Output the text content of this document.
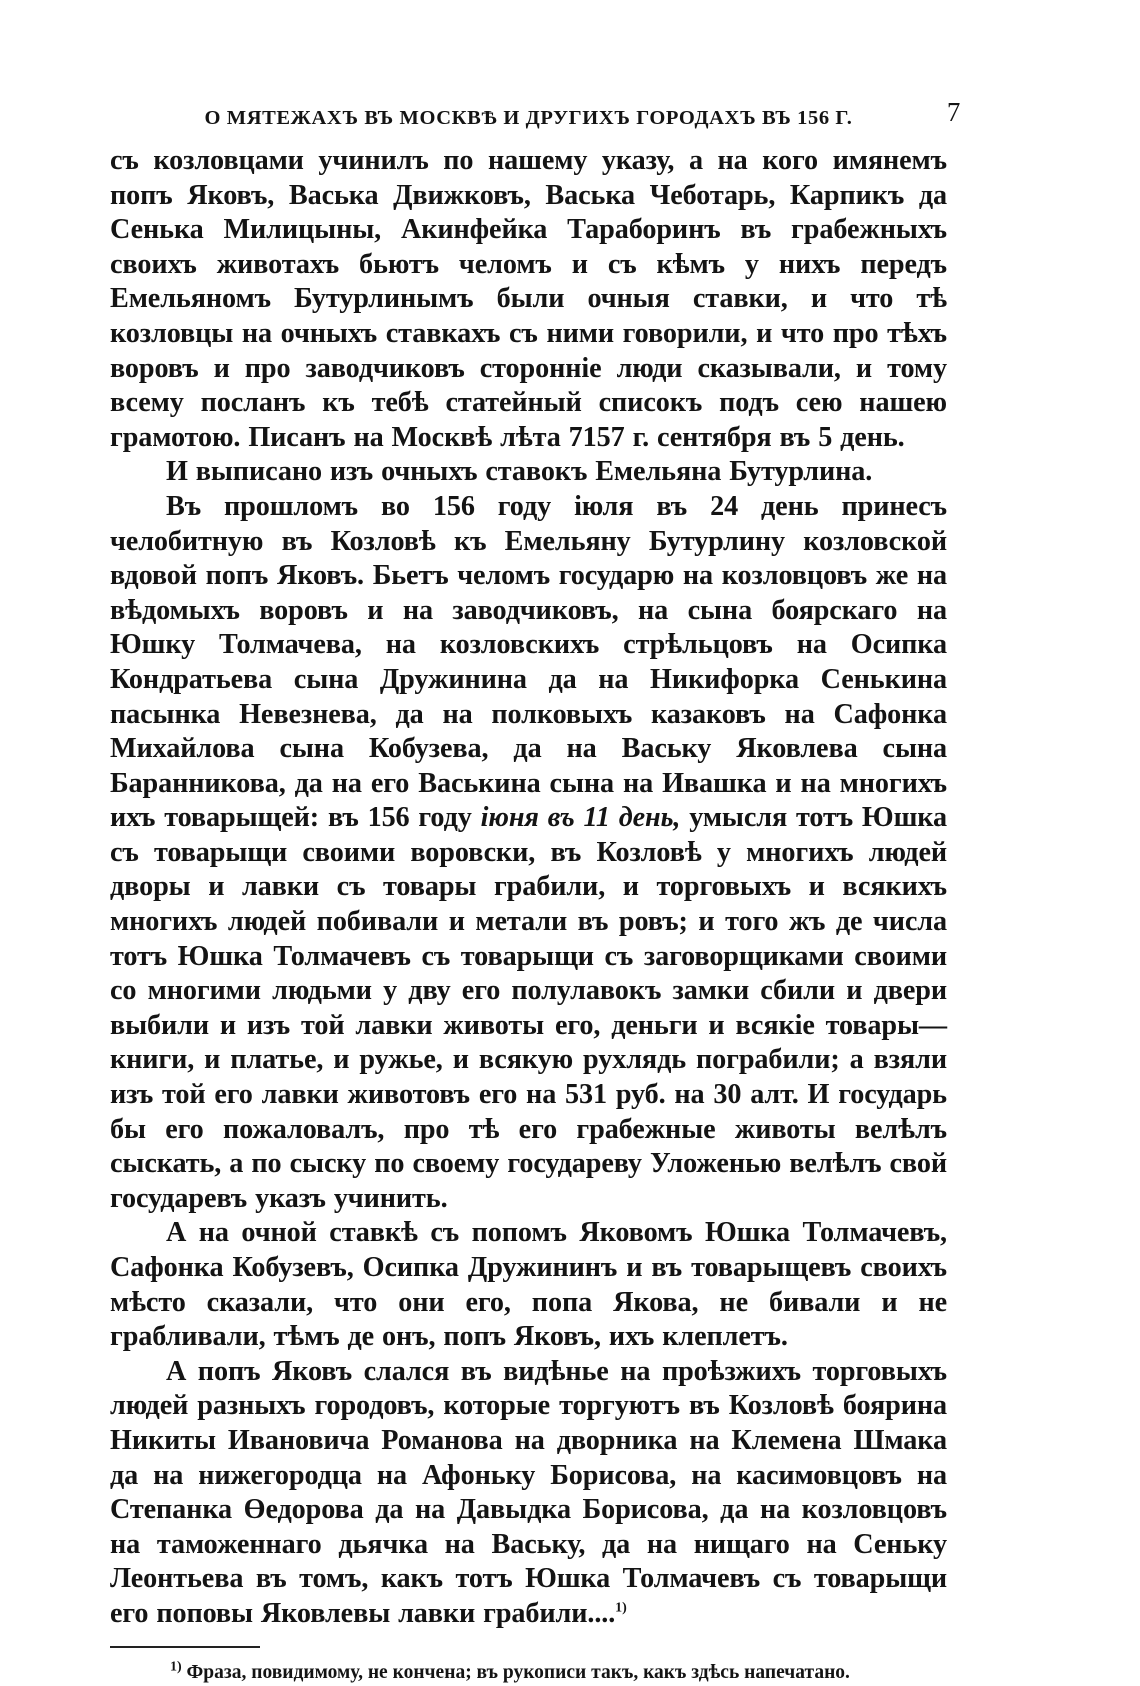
О МЯТЕЖАХЪ ВЪ МОСКВѢ И ДРУГИХЪ ГОРОДАХЪ ВЪ 156 Г.	7

съ козловцами учинилъ по нашему указу, а на кого имянемъ попъ Яковъ, Васька Движковъ, Васька Чеботарь, Карпикъ да Сенька Милицыны, Акинфейка Тараборинъ въ грабежныхъ своихъ животахъ бьютъ челомъ и съ кѣмъ у нихъ передъ Емельяномъ Бутурлинымъ были очныя ставки, и что тѣ козловцы на очныхъ ставкахъ съ ними говорили, и что про тѣхъ воровъ и про заводчиковъ стороннiе люди сказывали, и тому всему посланъ къ тебѣ статейный списокъ подъ сею нашею грамотою. Писанъ на Москвѣ лѣта 7157 г. сентября въ 5 день.

И выписано изъ очныхъ ставокъ Емельяна Бутурлина.

Въ прошломъ во 156 году iюля въ 24 день принесъ челобитную въ Козловѣ къ Емельяну Бутурлину козловской вдовой попъ Яковъ. Бьетъ челомъ государю на козловцовъ же на вѣдомыхъ воровъ и на заводчиковъ, на сына боярскаго на Юшку Толмачева, на козловскихъ стрѣльцовъ на Осипка Кондратьева сына Дружинина да на Никифорка Сенькина пасынка Невезнева, да на полковыхъ казаковъ на Сафонка Михайлова сына Кобузева, да на Ваську Яковлева сына Баранникова, да на его Васькина сына на Ивашка и на многихъ ихъ товарыщей: въ 156 году iюня въ 11 день, умысля тотъ Юшка съ товарыщи своими воровски, въ Козловѣ у многихъ людей дворы и лавки съ товары грабили, и торговыхъ и всякихъ многихъ людей побивали и метали въ ровъ; и того жъ де числа тотъ Юшка Толмачевъ съ товарыщи съ заговорщиками своими со многими людьми у дву его полулавокъ замки сбили и двери выбили и изъ той лавки животы его, деньги и всякiе товары—книги, и платье, и ружье, и всякую рухлядь пограбили; а взяли изъ той его лавки животовъ его на 531 руб. на 30 алт. И государь бы его пожаловалъ, про тѣ его грабежные животы велѣлъ сыскать, а по сыску по своему государеву Уложенью велѣлъ свой государевъ указъ учинить.

А на очной ставкѣ съ попомъ Яковомъ Юшка Толмачевъ, Сафонка Кобузевъ, Осипка Дружининъ и въ товарыщевъ своихъ мѣсто сказали, что они его, попа Якова, не бивали и не грабливали, тѣмъ де онъ, попъ Яковъ, ихъ клеплетъ.

А попъ Яковъ слался въ видѣнье на проѣзжихъ торговыхъ людей разныхъ городовъ, которые торгуютъ въ Козловѣ боярина Никиты Ивановича Романова на дворника на Клемена Шмака да на нижегородца на Афоньку Борисова, на касимовцовъ на Степанка Өедорова да на Давыдка Борисова, да на козловцовъ на таможеннаго дьячка на Ваську, да на нищаго на Сеньку Леонтьева въ томъ, какъ тотъ Юшка Толмачевъ съ товарыщи его поповы Яковлевы лавки грабили....$^{1)}$

$^{1)}$ Фраза, повидимому, не кончена; въ рукописи такъ, какъ здѣсь напечатано.
